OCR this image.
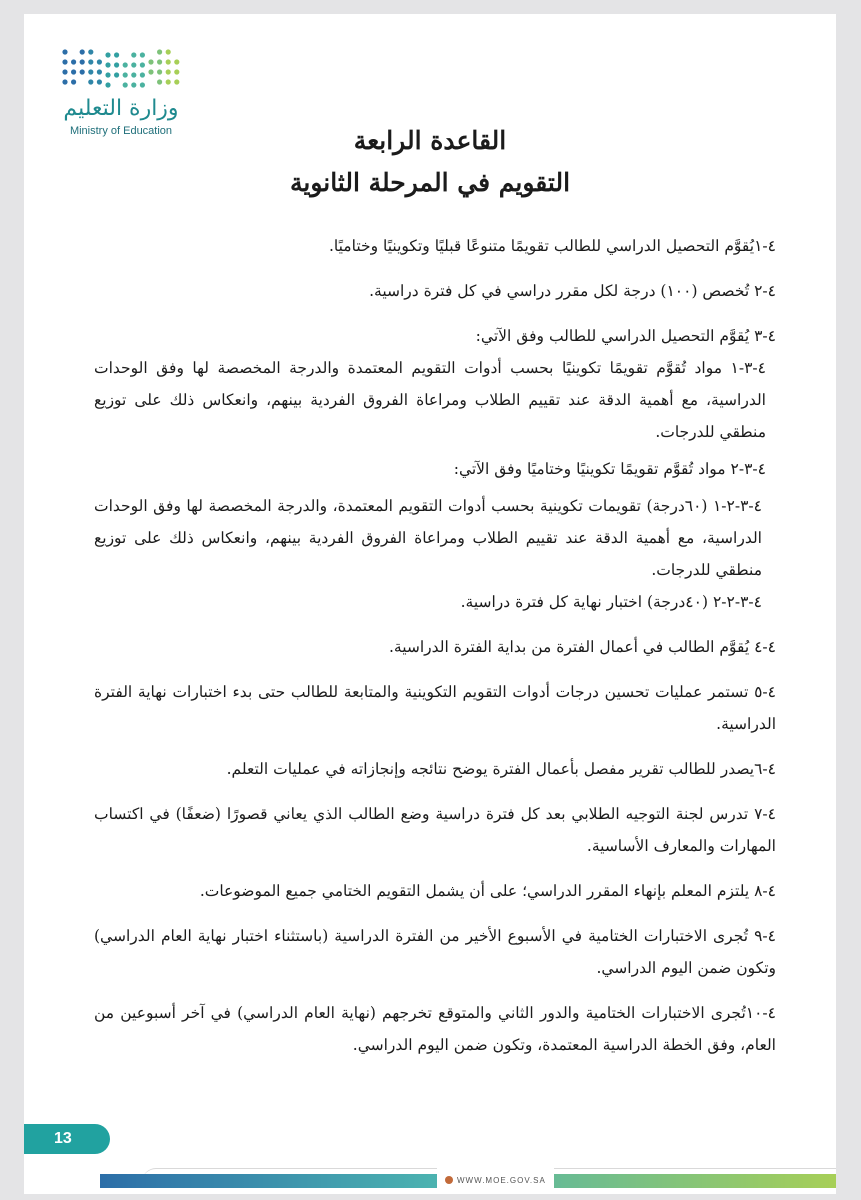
وزارة التعليم
Ministry of Education	القاعدة الرابعة
التقويم في المرحلة الثانوية

٤-١يُقوَّم التحصيل الدراسي للطالب تقويمًا متنوعًا قبليًا وتكوينيًا وختاميًا.

٤-٢ تُخصص (١٠٠) درجة لكل مقرر دراسي في كل فترة دراسية.

٤-٣ يُقوَّم التحصيل الدراسي للطالب وفق الآتي:

٤-٣-١ مواد تُقوَّم تقويمًا تكوينيًا بحسب أدوات التقويم المعتمدة والدرجة المخصصة لها وفق الوحدات الدراسية، مع أهمية الدقة عند تقييم الطلاب ومراعاة الفروق الفردية بينهم، وانعكاس ذلك على توزيع منطقي للدرجات.

٤-٣-٢ مواد تُقوَّم تقويمًا تكوينيًا وختاميًا وفق الآتي:

٤-٣-٢-١ (٦٠درجة) تقويمات تكوينية بحسب أدوات التقويم المعتمدة، والدرجة المخصصة لها وفق الوحدات الدراسية، مع أهمية الدقة عند تقييم الطلاب ومراعاة الفروق الفردية بينهم، وانعكاس ذلك على توزيع منطقي للدرجات.

٤-٣-٢-٢ (٤٠درجة) اختبار نهاية كل فترة دراسية.

٤-٤ يُقوَّم الطالب في أعمال الفترة من بداية الفترة الدراسية.

٤-٥ تستمر عمليات تحسين درجات أدوات التقويم التكوينية والمتابعة للطالب حتى بدء اختبارات نهاية الفترة الدراسية.

٤-٦يصدر للطالب تقرير مفصل بأعمال الفترة يوضح نتائجه وإنجازاته في عمليات التعلم.

٤-٧ تدرس لجنة التوجيه الطلابي بعد كل فترة دراسية وضع الطالب الذي يعاني قصورًا (ضعفًا) في اكتساب المهارات والمعارف الأساسية.

٤-٨ يلتزم المعلم بإنهاء المقرر الدراسي؛ على أن يشمل التقويم الختامي جميع الموضوعات.

٤-٩ تُجرى الاختبارات الختامية في الأسبوع الأخير من الفترة الدراسية (باستثناء اختبار نهاية العام الدراسي) وتكون ضمن اليوم الدراسي.

٤-١٠تُجرى الاختبارات الختامية والدور الثاني والمتوقع تخرجهم (نهاية العام الدراسي) في آخر أسبوعين من العام، وفق الخطة الدراسية المعتمدة، وتكون ضمن اليوم الدراسي.

13
WWW.MOE.GOV.SA
